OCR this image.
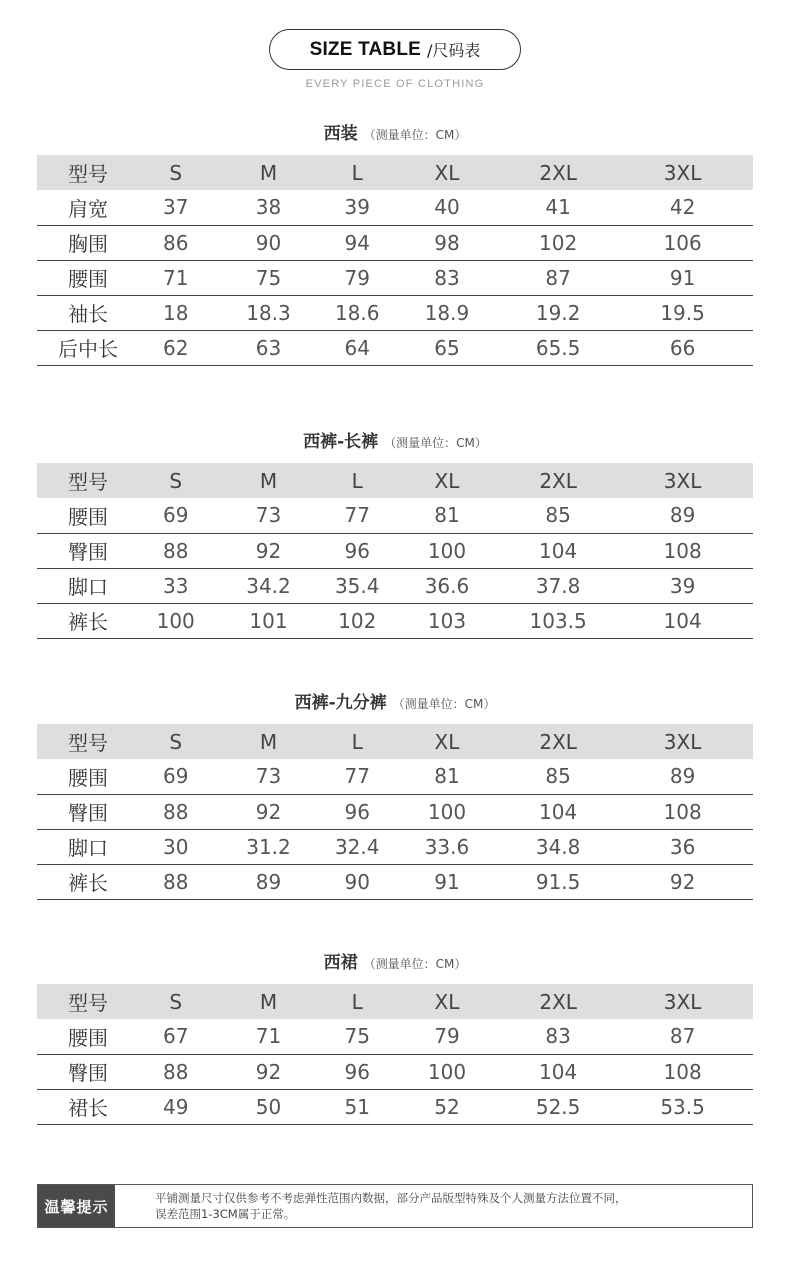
SIZE TABLE /尺码表
EVERY PIECE OF CLOTHING
西装 （测量单位：CM）
型号	S	M	L	XL	2XL	3XL
肩宽	37	38	39	40	41	42
胸围	86	90	94	98	102	106
腰围	71	75	79	83	87	91
袖长	18	18.3	18.6	18.9	19.2	19.5
后中长	62	63	64	65	65.5	66
西裤-长裤 （测量单位：CM）
型号	S	M	L	XL	2XL	3XL
腰围	69	73	77	81	85	89
臀围	88	92	96	100	104	108
脚口	33	34.2	35.4	36.6	37.8	39
裤长	100	101	102	103	103.5	104
西裤-九分裤 （测量单位：CM）
型号	S	M	L	XL	2XL	3XL
腰围	69	73	77	81	85	89
臀围	88	92	96	100	104	108
脚口	30	31.2	32.4	33.6	34.8	36
裤长	88	89	90	91	91.5	92
西裙 （测量单位：CM）
型号	S	M	L	XL	2XL	3XL
腰围	67	71	75	79	83	87
臀围	88	92	96	100	104	108
裙长	49	50	51	52	52.5	53.5
温馨提示	平铺测量尺寸仅供参考不考虑弹性范围内数据，部分产品版型特殊及个人测量方法位置不同，
误差范围1-3CM属于正常。
